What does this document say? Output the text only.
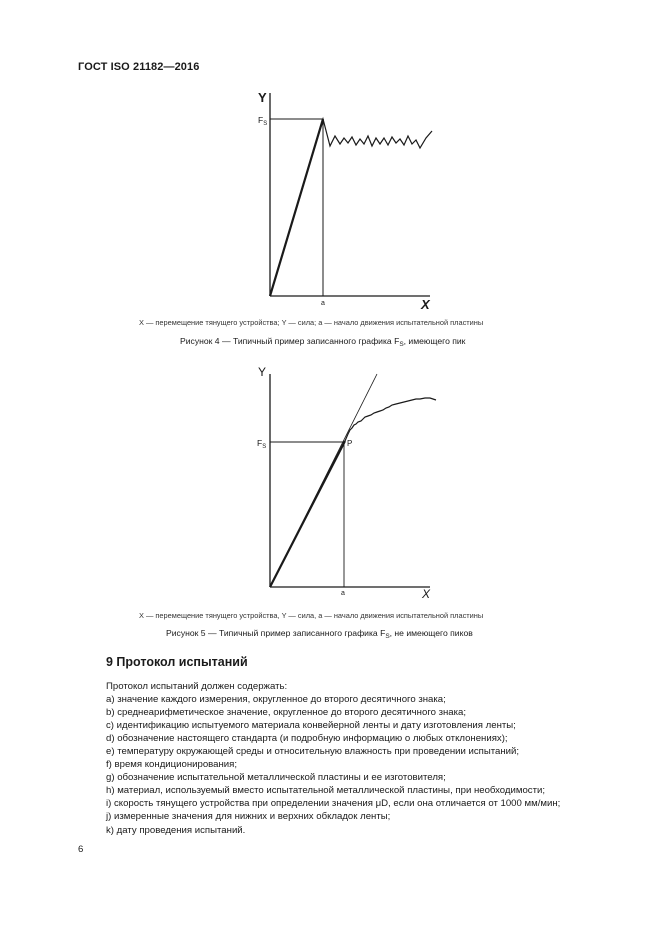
ГОСТ ISO 21182—2016
Y
X
$F_S$
a
X — перемещение тянущего устройства; Y — сила; a — начало движения испытательной пластины
Рисунок 4 — Типичный пример записанного графика $F_S$, имеющего пик
Y
X
$F_S$	P
a
X — перемещение тянущего устройства, Y — сила, a — начало движения испытательной пластины
Рисунок 5 — Типичный пример записанного графика $F_S$, не имеющего пиков
9 Протокол испытаний
Протокол испытаний должен содержать:
а) значение каждого измерения, округленное до второго десятичного знака;
b) среднеарифметическое значение, округленное до второго десятичного знака;
c) идентификацию испытуемого материала конвейерной ленты и дату изготовления ленты;
d) обозначение настоящего стандарта (и подробную информацию о любых отклонениях);
e) температуру окружающей среды и относительную влажность при проведении испытаний;
f) время кондиционирования;
g) обозначение испытательной металлической пластины и ее изготовителя;
h) материал, используемый вместо испытательной металлической пластины, при необходимости;
i) скорость тянущего устройства при определении значения μD, если она отличается от 1000 мм/мин;
j) измеренные значения для нижних и верхних обкладок ленты;
k) дату проведения испытаний.
6
